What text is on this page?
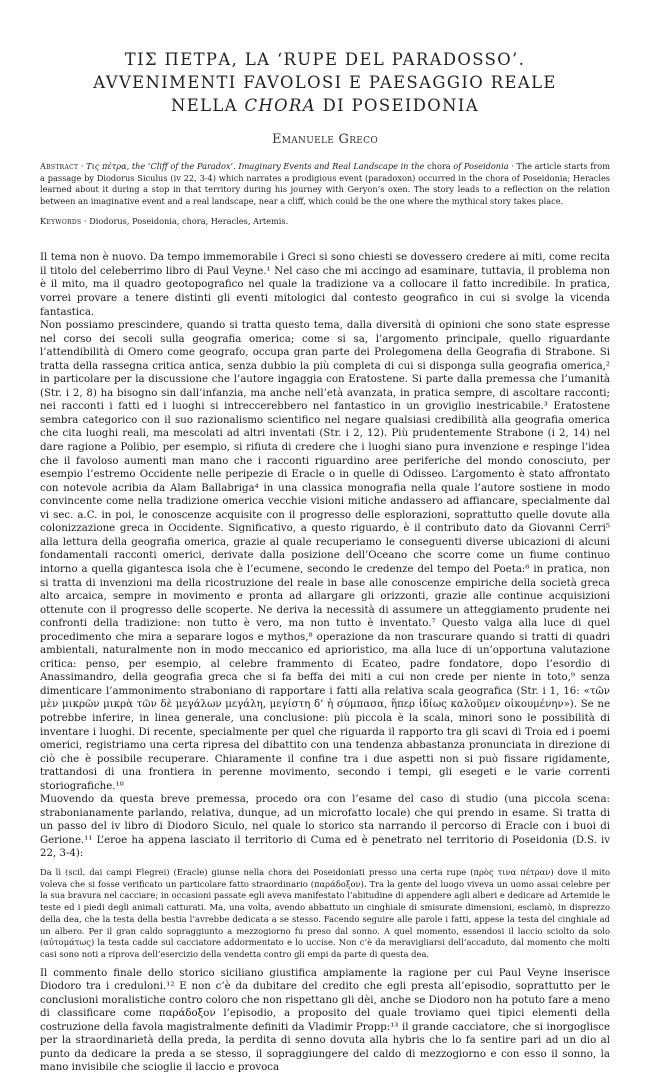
ΤΙΣ ΠΕΤΡΑ, LA ‘RUPE DEL PARADOSSO’.
AVVENIMENTI FAVOLOSI E PAESAGGIO REALE
NELLA CHORA DI POSEIDONIA
Emanuele Greco
Abstract · Τις πέτρα, the ‘Cliff of the Paradox’. Imaginary Events and Real Landscape in the chora of Poseidonia · The article starts from a passage by Diodorus Siculus (iv 22, 3-4) which narrates a prodigious event (paradoxon) occurred in the chora of Poseidonia; Heracles learned about it during a stop in that territory during his journey with Geryon’s oxen. The story leads to a reflection on the relation between an imaginative event and a real landscape, near a cliff, which could be the one where the mythical story takes place.
Keywords · Diodorus, Poseidonia, chora, Heracles, Artemis.

Il tema non è nuovo. Da tempo immemorabile i Greci si sono chiesti se dovessero credere ai miti, come recita il titolo del celeberrimo libro di Paul Veyne.¹ Nel caso che mi accingo ad esaminare, tuttavia, il problema non è il mito, ma il quadro geotopografico nel quale la tradizione va a collocare il fatto incredibile. In pratica, vorrei provare a tenere distinti gli eventi mitologici dal contesto geografico in cui si svolge la vicenda fantastica.

Non possiamo prescindere, quando si tratta questo tema, dalla diversità di opinioni che sono state espresse nel corso dei secoli sulla geografia omerica; come si sa, l’argomento principale, quello riguardante l’attendibilità di Omero come geografo, occupa gran parte dei Prolegomena della Geografia di Strabone. Si tratta della rassegna critica antica, senza dubbio la più completa di cui si disponga sulla geografia omerica,² in particolare per la discussione che l’autore ingaggia con Eratostene. Si parte dalla premessa che l’umanità (Str. i 2, 8) ha bisogno sin dall’infanzia, ma anche nell’età avanzata, in pratica sempre, di ascoltare racconti; nei racconti i fatti ed i luoghi si intreccerebbero nel fantastico in un groviglio inestricabile.³ Eratostene sembra categorico con il suo razionalismo scientifico nel negare qualsiasi credibilità alla geografia omerica che cita luoghi reali, ma mescolati ad altri inventati (Str. i 2, 12). Più prudentemente Strabone (i 2, 14) nel dare ragione a Polibio, per esempio, si rifiuta di credere che i luoghi siano pura invenzione e respinge l’idea che il favoloso aumenti man mano che i racconti riguardino aree periferiche del mondo conosciuto, per esempio l’estremo Occidente nelle peripezie di Eracle o in quelle di Odisseo. L’argomento è stato affrontato con notevole acribia da Alam Ballabriga⁴ in una classica monografia nella quale l’autore sostiene in modo convincente come nella tradizione omerica vecchie visioni mitiche andassero ad affiancare, specialmente dal vi sec. a.C. in poi, le conoscenze acquisite con il progresso delle esplorazioni, soprattutto quelle dovute alla colonizzazione greca in Occidente. Significativo, a questo riguardo, è il contributo dato da Giovanni Cerri⁵ alla lettura della geografia omerica, grazie al quale recuperiamo le conseguenti diverse ubicazioni di alcuni fondamentali racconti omerici, derivate dalla posizione dell’Oceano che scorre come un fiume continuo intorno a quella gigantesca isola che è l’ecumene, secondo le credenze del tempo del Poeta:⁶ in pratica, non si tratta di invenzioni ma della ricostruzione del reale in base alle conoscenze empiriche della società greca alto arcaica, sempre in movimento e pronta ad allargare gli orizzonti, grazie alle continue acquisizioni ottenute con il progresso delle scoperte. Ne deriva la necessità di assumere un atteggiamento prudente nei confronti della tradizione: non tutto è vero, ma non tutto è inventato.⁷ Questo valga alla luce di quel procedimento che mira a separare logos e mythos,⁸ operazione da non trascurare quando si tratti di quadri ambientali, naturalmente non in modo meccanico ed aprioristico, ma alla luce di un’opportuna valutazione critica: penso, per esempio, al celebre frammento di Ecateo, padre fondatore, dopo l’esordio di Anassimandro, della geografia greca che si fa beffa dei miti a cui non crede per niente in toto,⁹ senza dimenticare l’ammonimento straboniano di rapportare i fatti alla relativa scala geografica (Str. i 1, 16: «τῶν μὲν μικρῶν μικρὰ τῶν δὲ μεγάλων μεγάλη, μεγίστη δ’ ἡ σύμπασα, ἥπερ ἰδίως καλοῦμεν οἰκουμένην»). Se ne potrebbe inferire, in linea generale, una conclusione: più piccola è la scala, minori sono le possibilità di inventare i luoghi. Di recente, specialmente per quel che riguarda il rapporto tra gli scavi di Troia ed i poemi omerici, registriamo una certa ripresa del dibattito con una tendenza abbastanza pronunciata in direzione di ciò che è possibile recuperare. Chiaramente il confine tra i due aspetti non si può fissare rigidamente, trattandosi di una frontiera in perenne movimento, secondo i tempi, gli esegeti e le varie correnti storiografiche.¹⁰

Muovendo da questa breve premessa, procedo ora con l’esame del caso di studio (una piccola scena: strabonianamente parlando, relativa, dunque, ad un microfatto locale) che qui prendo in esame. Si tratta di un passo del iv libro di Diodoro Siculo, nel quale lo storico sta narrando il percorso di Eracle con i buoi di Gerione.¹¹ L’eroe ha appena lasciato il territorio di Cuma ed è penetrato nel territorio di Poseidonia (D.S. iv 22, 3-4):

Da lì (scil. dai campi Flegrei) (Eracle) giunse nella chora dei Poseidoniati presso una certa rupe (πρὸς τινα πέτραν) dove il mito voleva che si fosse verificato un particolare fatto straordinario (παράδοξον). Tra la gente del luogo viveva un uomo assai celebre per la sua bravura nel cacciare; in occasioni passate egli aveva manifestato l’abitudine di appendere agli alberi e dedicare ad Artemide le teste ed i piedi degli animali catturati. Ma, una volta, avendo abbattuto un cinghiale di smisurate dimensioni, esclamò, in disprezzo della dea, che la testa della bestia l’avrebbe dedicata a se stesso. Facendo seguire alle parole i fatti, appese la testa del cinghiale ad un albero. Per il gran caldo sopraggiunto a mezzogiorno fu preso dal sonno. A quel momento, essendosi il laccio sciolto da solo (αὐτομάτως) la testa cadde sul cacciatore addormentato e lo uccise. Non c’è da meravigliarsi dell’accaduto, dal momento che molti casi sono noti a riprova dell’esercizio della vendetta contro gli empi da parte di questa dea.

Il commento finale dello storico siciliano giustifica ampiamente la ragione per cui Paul Veyne inserisce Diodoro tra i creduloni.¹² E non c’è da dubitare del credito che egli presta all’episodio, soprattutto per le conclusioni moralistiche contro coloro che non rispettano gli dèi, anche se Diodoro non ha potuto fare a meno di classificare come παράδοξον l’episodio, a proposito del quale troviamo quei tipici elementi della costruzione della favola magistralmente definiti da Vladimir Propp:¹³ il grande cacciatore, che si inorgoglisce per la straordinarietà della preda, la perdita di senno dovuta alla hybris che lo fa sentire pari ad un dio al punto da dedicare la preda a se stesso, il sopraggiungere del caldo di mezzogiorno e con esso il sonno, la mano invisibile che scioglie il laccio e provoca
